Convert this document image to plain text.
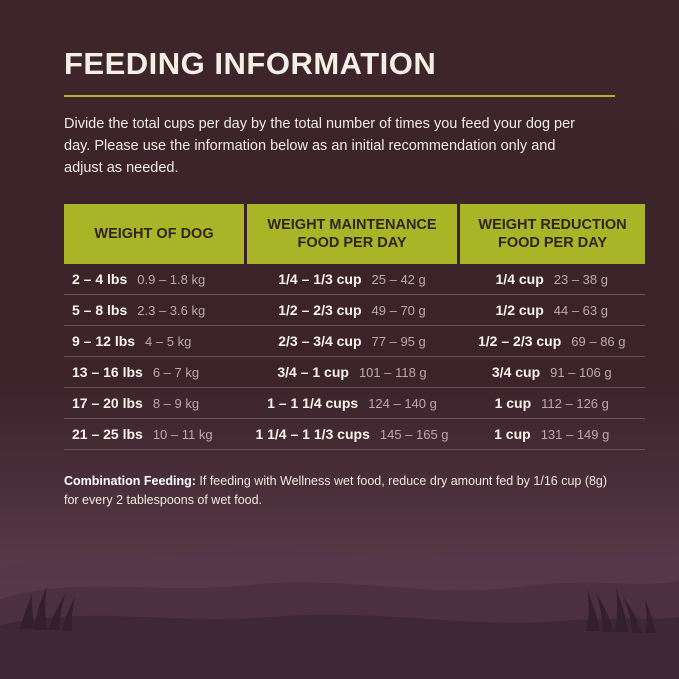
FEEDING INFORMATION

Divide the total cups per day by the total number of times you feed your dog per day. Please use the information below as an initial recommendation only and adjust as needed.

WEIGHT OF DOG	WEIGHT MAINTENANCE FOOD PER DAY	WEIGHT REDUCTION FOOD PER DAY

2 – 4 lbs 0.9 – 1.8 kg	1/4 – 1/3 cup 25 – 42 g	1/4 cup 23 – 38 g

5 – 8 lbs 2.3 – 3.6 kg	1/2 – 2/3 cup 49 – 70 g	1/2 cup 44 – 63 g

9 – 12 lbs 4 – 5 kg	2/3 – 3/4 cup 77 – 95 g	1/2 – 2/3 cup 69 – 86 g

13 – 16 lbs 6 – 7 kg	3/4 – 1 cup 101 – 118 g	3/4 cup 91 – 106 g

17 – 20 lbs 8 – 9 kg	1 – 1 1/4 cups 124 – 140 g	1 cup 112 – 126 g

21 – 25 lbs 10 – 11 kg	1 1/4 – 1 1/3 cups 145 – 165 g	1 cup 131 – 149 g
Combination Feeding: If feeding with Wellness wet food, reduce dry amount fed by 1/16 cup (8g) for every 2 tablespoons of wet food.
